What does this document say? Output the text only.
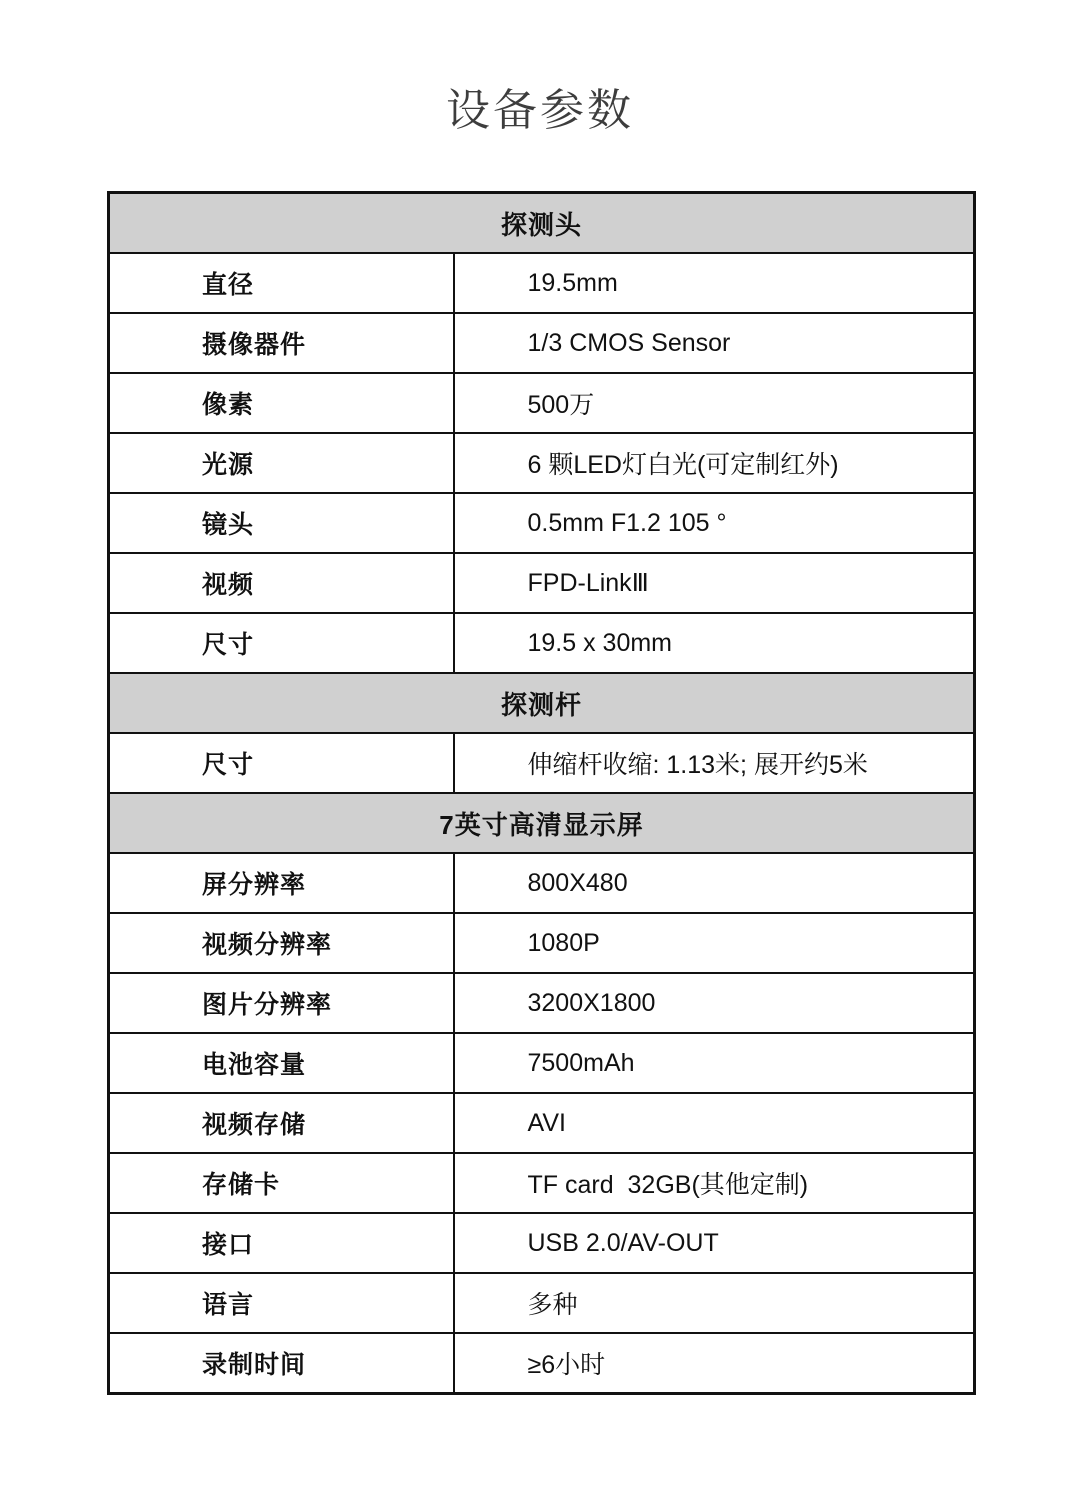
设备参数
探测头	
直径	19.5mm
摄像器件	1/3 CMOS Sensor
像素	500万
光源	6 颗LED灯白光(可定制红外)
镜头	0.5mm F1.2 105 °
视频	FPD-LinkⅢ
尺寸	19.5 x 30mm
探测杆	
尺寸	伸缩杆收缩: 1.13米; 展开约5米
7英寸高清显示屏	
屏分辨率	800X480
视频分辨率	1080P
图片分辨率	3200X1800
电池容量	7500mAh
视频存储	AVI
存储卡	TF card  32GB(其他定制)
接口	USB 2.0/AV-OUT
语言	多种
录制时间	≥6小时
